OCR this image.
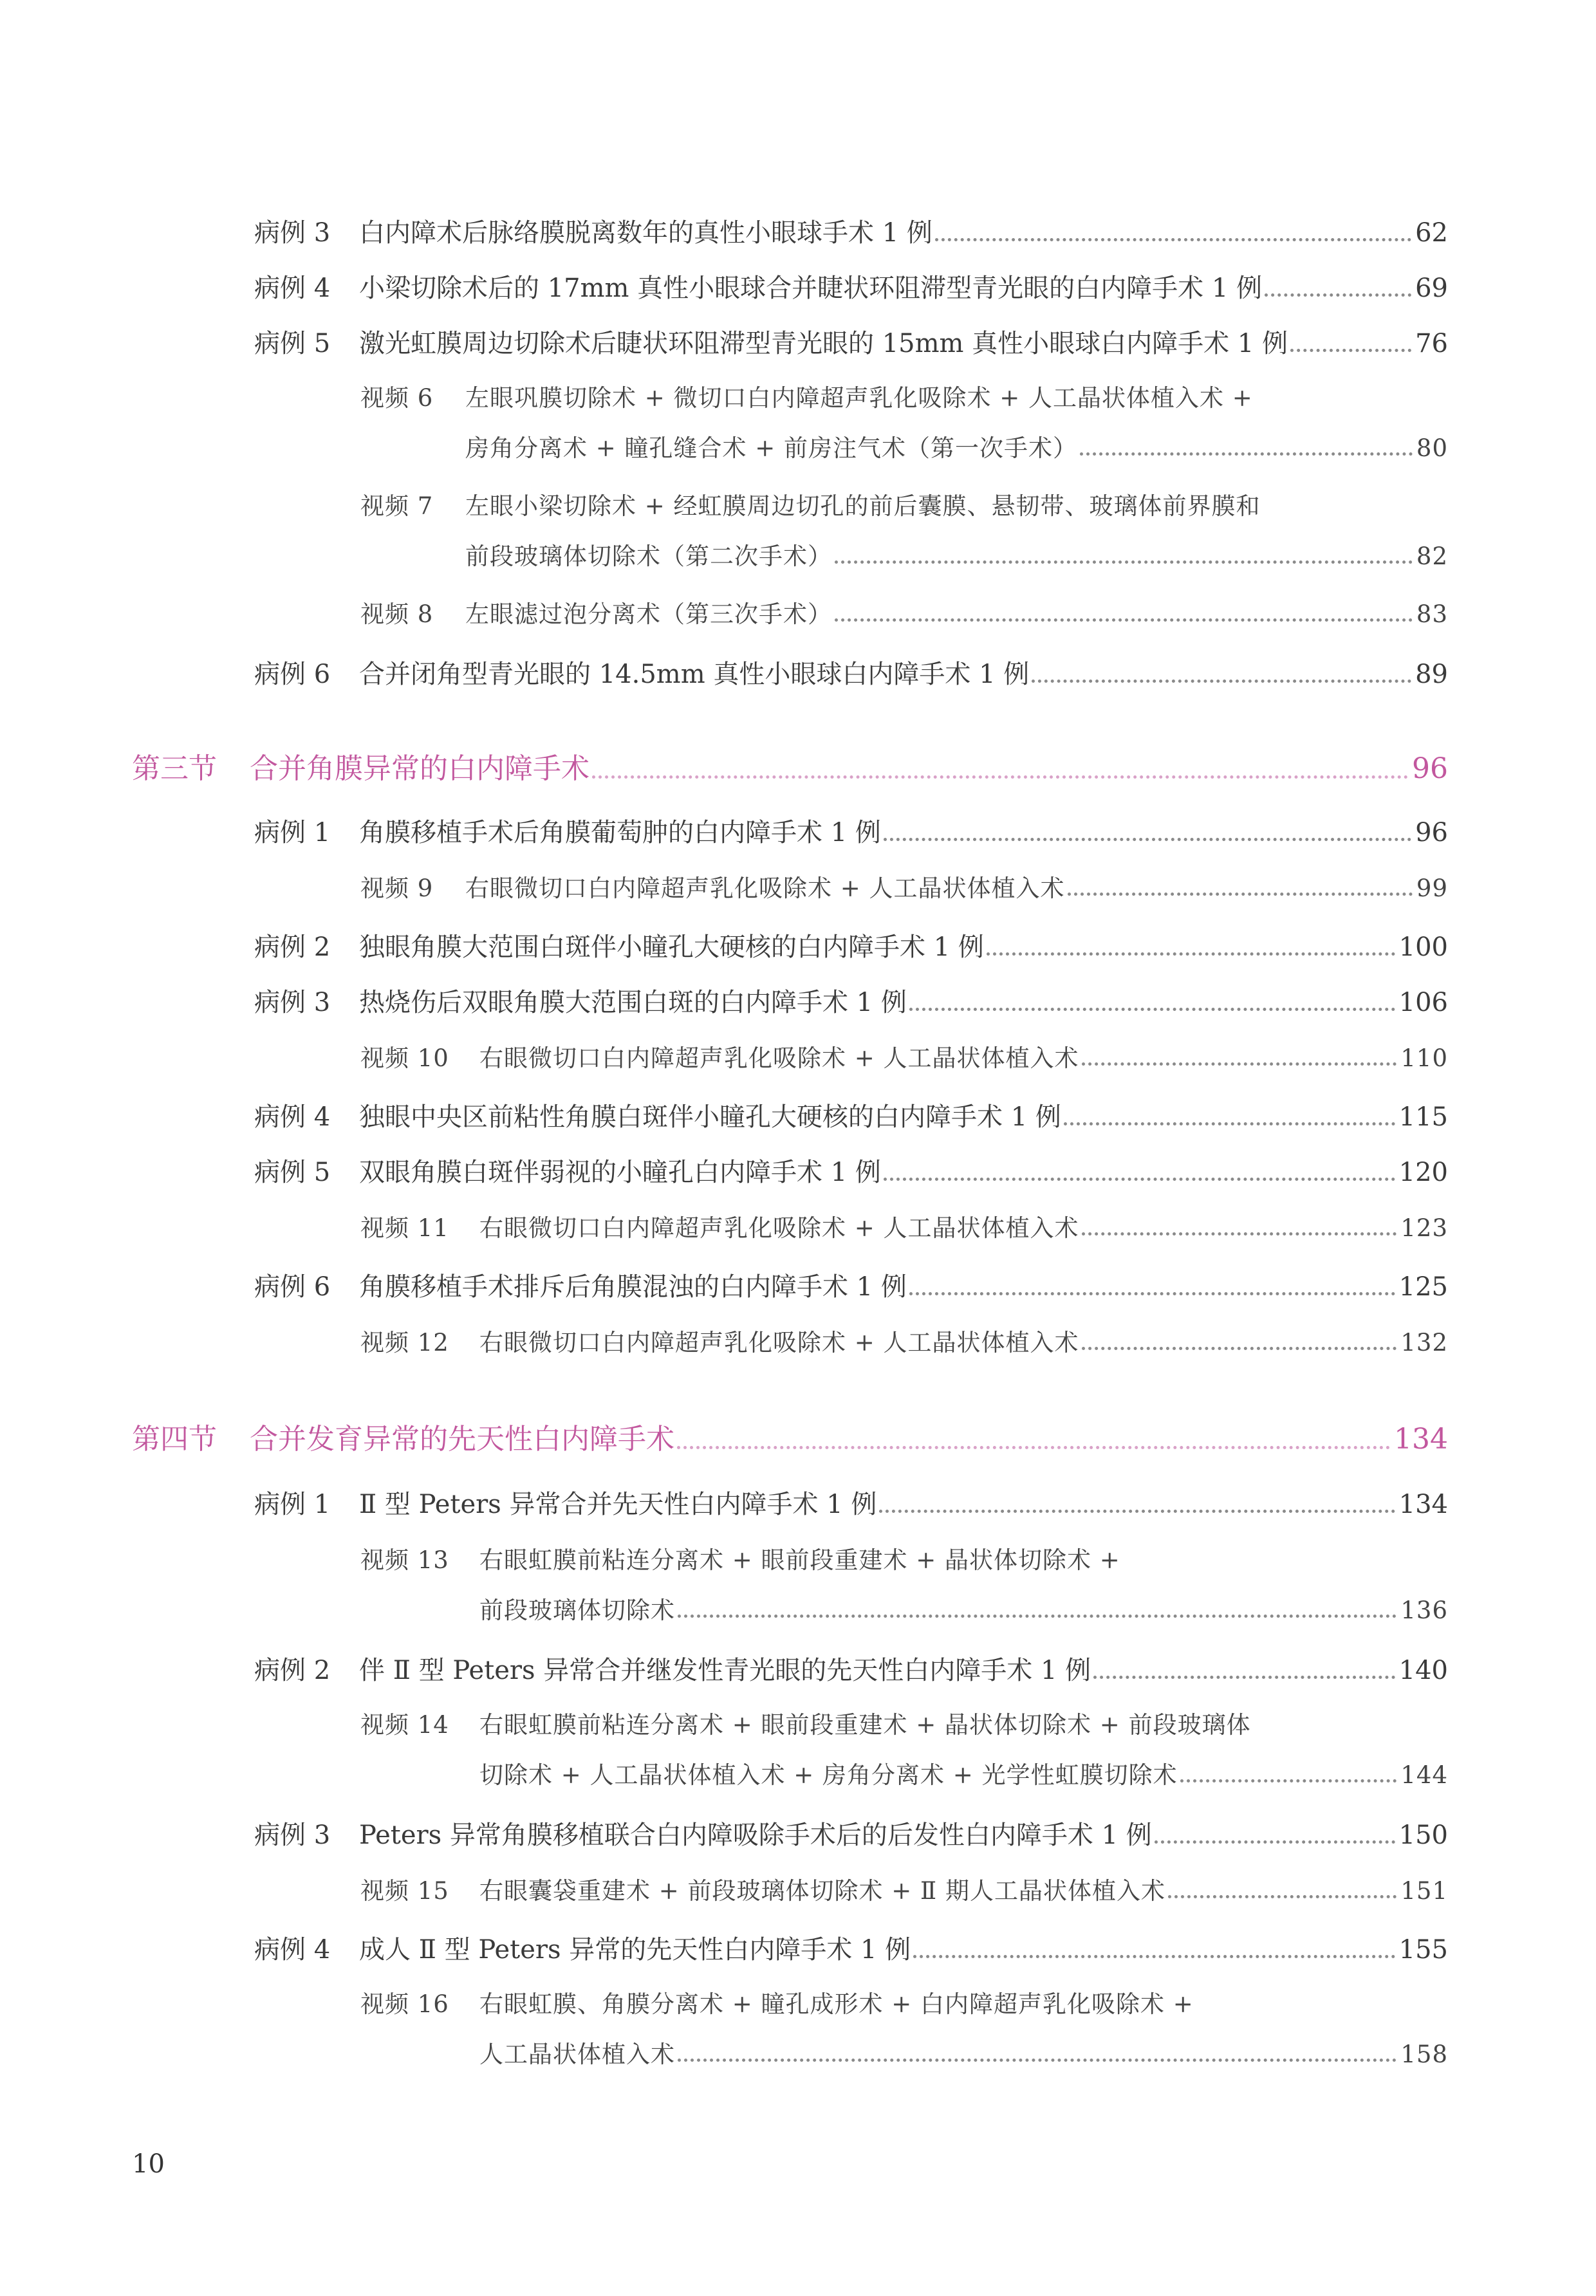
病例 3	白内障术后脉络膜脱离数年的真性小眼球手术 1 例	62
病例 4	小梁切除术后的 17mm 真性小眼球合并睫状环阻滞型青光眼的白内障手术 1 例	69
病例 5	激光虹膜周边切除术后睫状环阻滞型青光眼的 15mm 真性小眼球白内障手术 1 例	76
视频 6	左眼巩膜切除术 + 微切口白内障超声乳化吸除术 + 人工晶状体植入术 +
房角分离术 + 瞳孔缝合术 + 前房注气术（第一次手术）	80
视频 7	左眼小梁切除术 + 经虹膜周边切孔的前后囊膜、悬韧带、玻璃体前界膜和
前段玻璃体切除术（第二次手术）	82
视频 8	左眼滤过泡分离术（第三次手术）	83
病例 6	合并闭角型青光眼的 14.5mm 真性小眼球白内障手术 1 例	89
第三节	合并角膜异常的白内障手术	96
病例 1	角膜移植手术后角膜葡萄肿的白内障手术 1 例	96
视频 9	右眼微切口白内障超声乳化吸除术 + 人工晶状体植入术	99
病例 2	独眼角膜大范围白斑伴小瞳孔大硬核的白内障手术 1 例	100
病例 3	热烧伤后双眼角膜大范围白斑的白内障手术 1 例	106
视频 10	右眼微切口白内障超声乳化吸除术 + 人工晶状体植入术	110
病例 4	独眼中央区前粘性角膜白斑伴小瞳孔大硬核的白内障手术 1 例	115
病例 5	双眼角膜白斑伴弱视的小瞳孔白内障手术 1 例	120
视频 11	右眼微切口白内障超声乳化吸除术 + 人工晶状体植入术	123
病例 6	角膜移植手术排斥后角膜混浊的白内障手术 1 例	125
视频 12	右眼微切口白内障超声乳化吸除术 + 人工晶状体植入术	132
第四节	合并发育异常的先天性白内障手术	134
病例 1	Ⅱ 型 Peters 异常合并先天性白内障手术 1 例	134
视频 13	右眼虹膜前粘连分离术 + 眼前段重建术 + 晶状体切除术 +
前段玻璃体切除术	136
病例 2	伴 Ⅱ 型 Peters 异常合并继发性青光眼的先天性白内障手术 1 例	140
视频 14	右眼虹膜前粘连分离术 + 眼前段重建术 + 晶状体切除术 + 前段玻璃体
切除术 + 人工晶状体植入术 + 房角分离术 + 光学性虹膜切除术	144
病例 3	Peters 异常角膜移植联合白内障吸除手术后的后发性白内障手术 1 例	150
视频 15	右眼囊袋重建术 + 前段玻璃体切除术 + Ⅱ 期人工晶状体植入术	151
病例 4	成人 Ⅱ 型 Peters 异常的先天性白内障手术 1 例	155
视频 16	右眼虹膜、角膜分离术 + 瞳孔成形术 + 白内障超声乳化吸除术 +
人工晶状体植入术	158
10
